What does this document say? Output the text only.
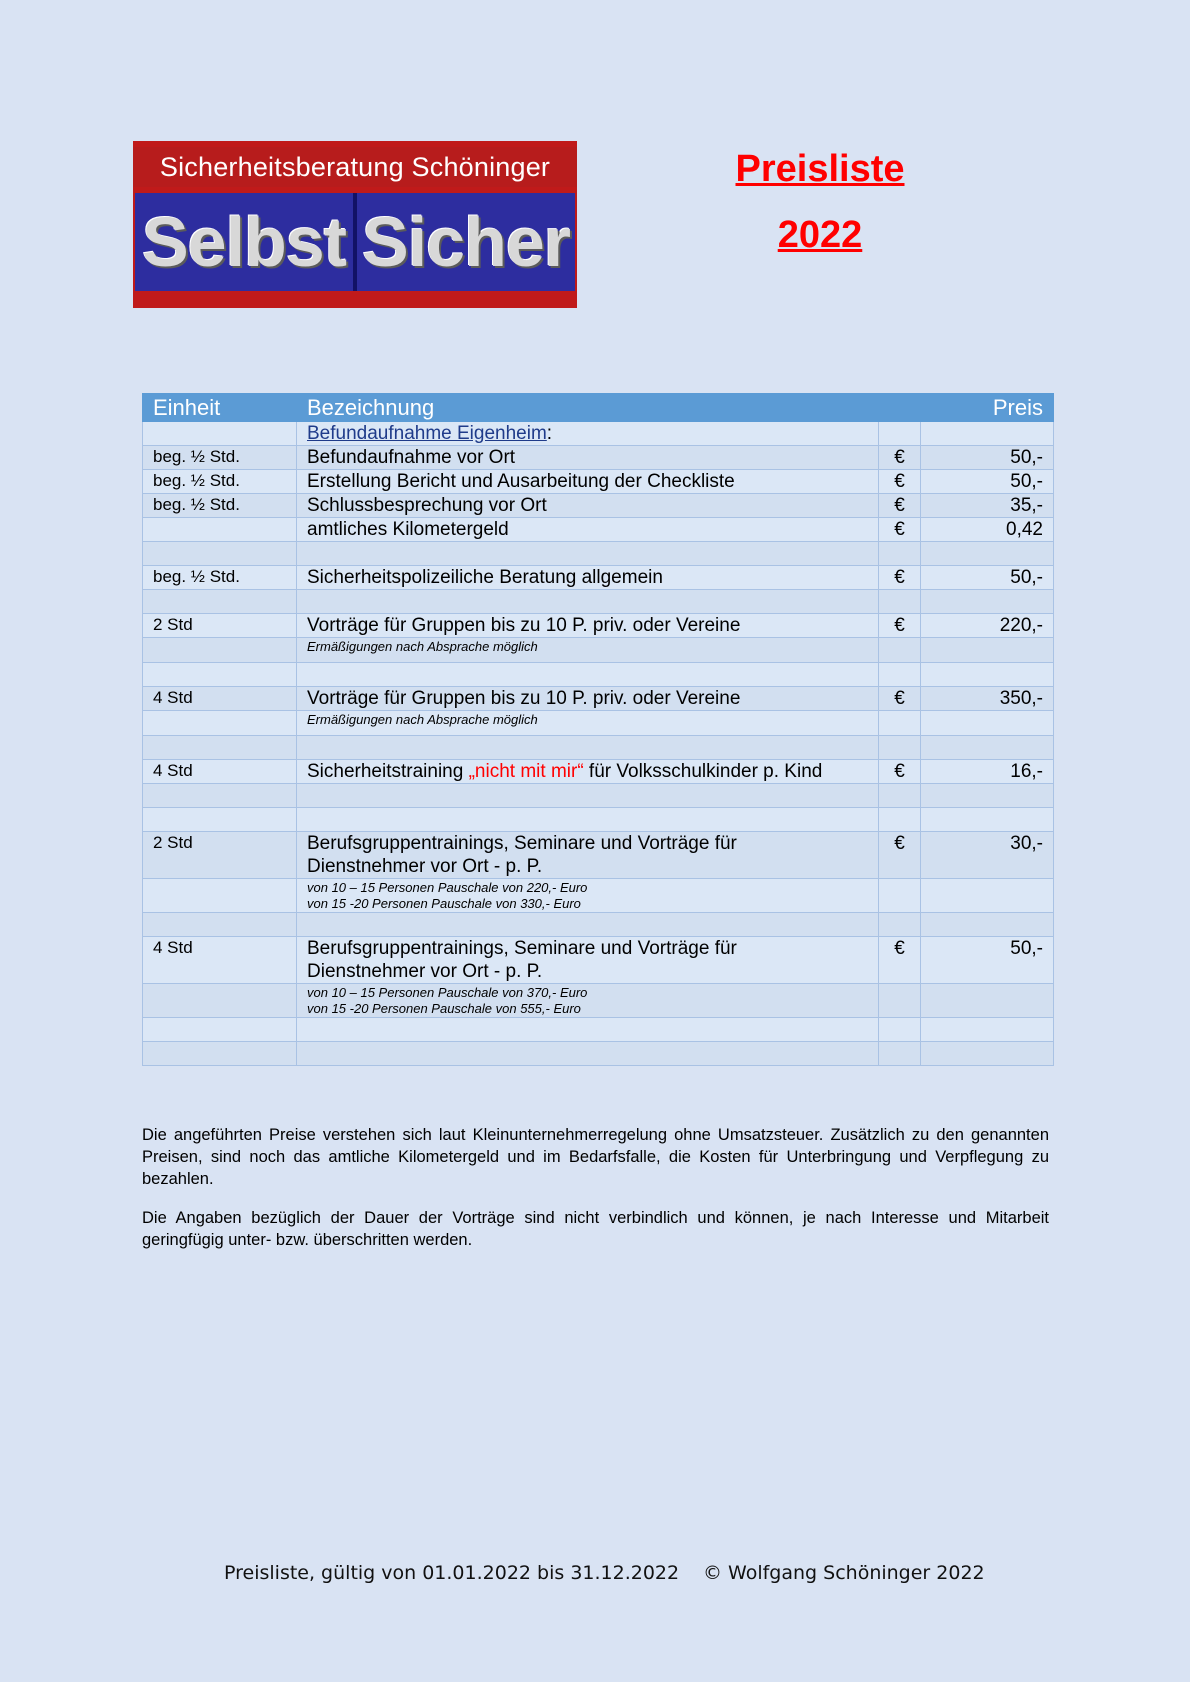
Sicherheitsberatung Schöninger
Selbst Sicher
Preisliste
2022
Einheit	Bezeichnung		Preis
	Befundaufnahme Eigenheim:		
beg. ½ Std.	Befundaufnahme vor Ort	€	50,-
beg. ½ Std.	Erstellung Bericht und Ausarbeitung der Checkliste	€	50,-
beg. ½ Std.	Schlussbesprechung vor Ort	€	35,-
	amtliches Kilometergeld	€	0,42

beg. ½ Std.	Sicherheitspolizeiliche Beratung allgemein	€	50,-

2 Std	Vorträge für Gruppen bis zu 10 P. priv. oder Vereine	€	220,-
	Ermäßigungen nach Absprache möglich		

4 Std	Vorträge für Gruppen bis zu 10 P. priv. oder Vereine	€	350,-
	Ermäßigungen nach Absprache möglich		

4 Std	Sicherheitstraining „nicht mit mir“ für Volksschulkinder p. Kind	€	16,-

2 Std	Berufsgruppentrainings, Seminare und Vorträge für
Dienstnehmer vor Ort - p. P.	€	30,-

	von 10 – 15 Personen Pauschale von 220,- Euro
von 15 -20 Personen Pauschale von 330,- Euro		

4 Std	Berufsgruppentrainings, Seminare und Vorträge für
Dienstnehmer vor Ort - p. P.	€	50,-

	von 10 – 15 Personen Pauschale von 370,- Euro
von 15 -20 Personen Pauschale von 555,- Euro		

Die angeführten Preise verstehen sich laut Kleinunternehmerregelung ohne Umsatzsteuer. Zusätzlich zu den genannten Preisen, sind noch das amtliche Kilometergeld und im Bedarfsfalle, die Kosten für Unterbringung und Verpflegung zu bezahlen.

Die Angaben bezüglich der Dauer der Vorträge sind nicht verbindlich und können, je nach Interesse und Mitarbeit geringfügig unter- bzw. überschritten werden.

Preisliste, gültig von 01.01.2022 bis 31.12.2022 © Wolfgang Schöninger 2022
